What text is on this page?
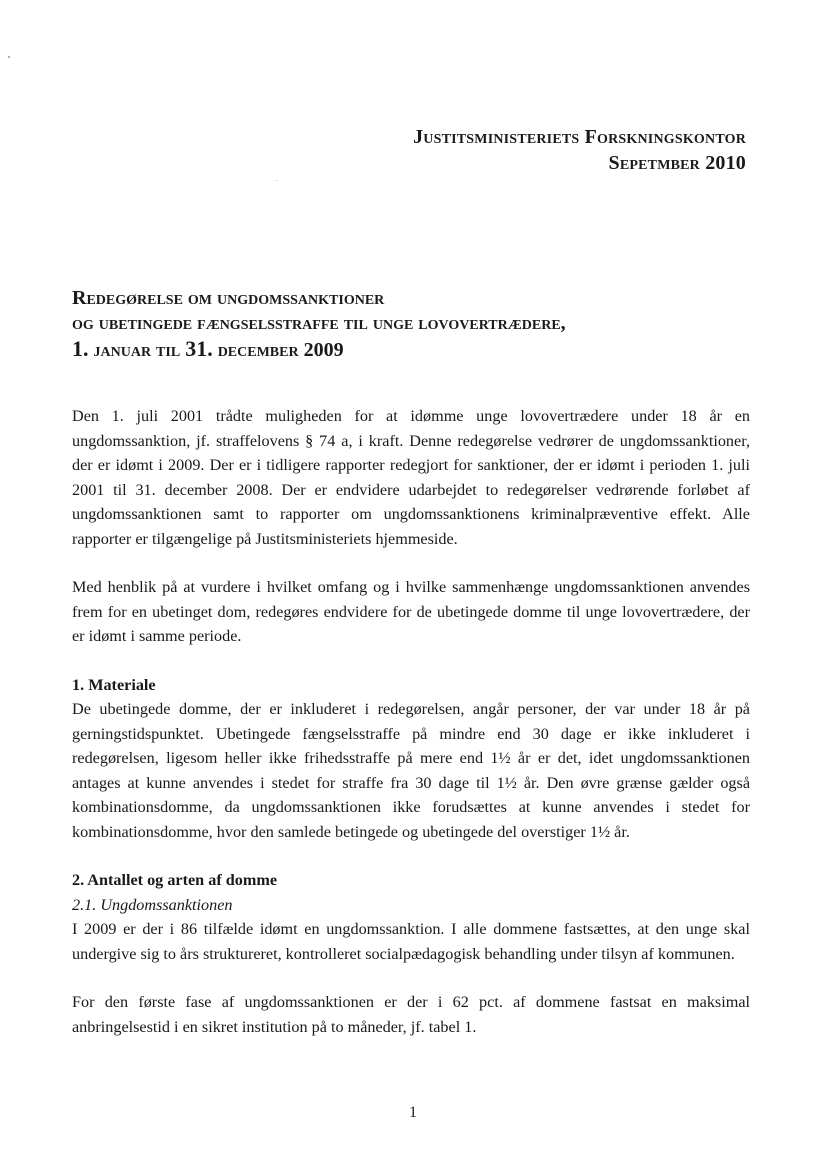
Justitsministeriets Forskningskontor
Sepetmber 2010
Redegørelse om ungdomssanktioner
og ubetingede fængselsstraffe til unge lovovertrædere,
1. januar til 31. december 2009

Den 1. juli 2001 trådte muligheden for at idømme unge lovovertrædere under 18 år en ungdomssanktion, jf. straffelovens § 74 a, i kraft. Denne redegørelse vedrører de ungdomssanktioner, der er idømt i 2009. Der er i tidligere rapporter redegjort for sanktioner, der er idømt i perioden 1. juli 2001 til 31. december 2008. Der er endvidere udarbejdet to redegørelser vedrørende forløbet af ungdomssanktionen samt to rapporter om ungdomssanktionens kriminalpræventive effekt. Alle rapporter er tilgængelige på Justitsministeriets hjemmeside.

Med henblik på at vurdere i hvilket omfang og i hvilke sammenhænge ungdomssanktionen anvendes frem for en ubetinget dom, redegøres endvidere for de ubetingede domme til unge lovovertrædere, der er idømt i samme periode.

1. Materiale

De ubetingede domme, der er inkluderet i redegørelsen, angår personer, der var under 18 år på gerningstidspunktet. Ubetingede fængselsstraffe på mindre end 30 dage er ikke inkluderet i redegørelsen, ligesom heller ikke frihedsstraffe på mere end 1½ år er det, idet ungdomssanktionen antages at kunne anvendes i stedet for straffe fra 30 dage til 1½ år. Den øvre grænse gælder også kombinationsdomme, da ungdomssanktionen ikke forudsættes at kunne anvendes i stedet for kombinationsdomme, hvor den samlede betingede og ubetingede del overstiger 1½ år.

2. Antallet og arten af domme

2.1. Ungdomssanktionen

I 2009 er der i 86 tilfælde idømt en ungdomssanktion. I alle dommene fastsættes, at den unge skal undergive sig to års struktureret, kontrolleret socialpædagogisk behandling under tilsyn af kommunen.

For den første fase af ungdomssanktionen er der i 62 pct. af dommene fastsat en maksimal anbringelsestid i en sikret institution på to måneder, jf. tabel 1.

1
